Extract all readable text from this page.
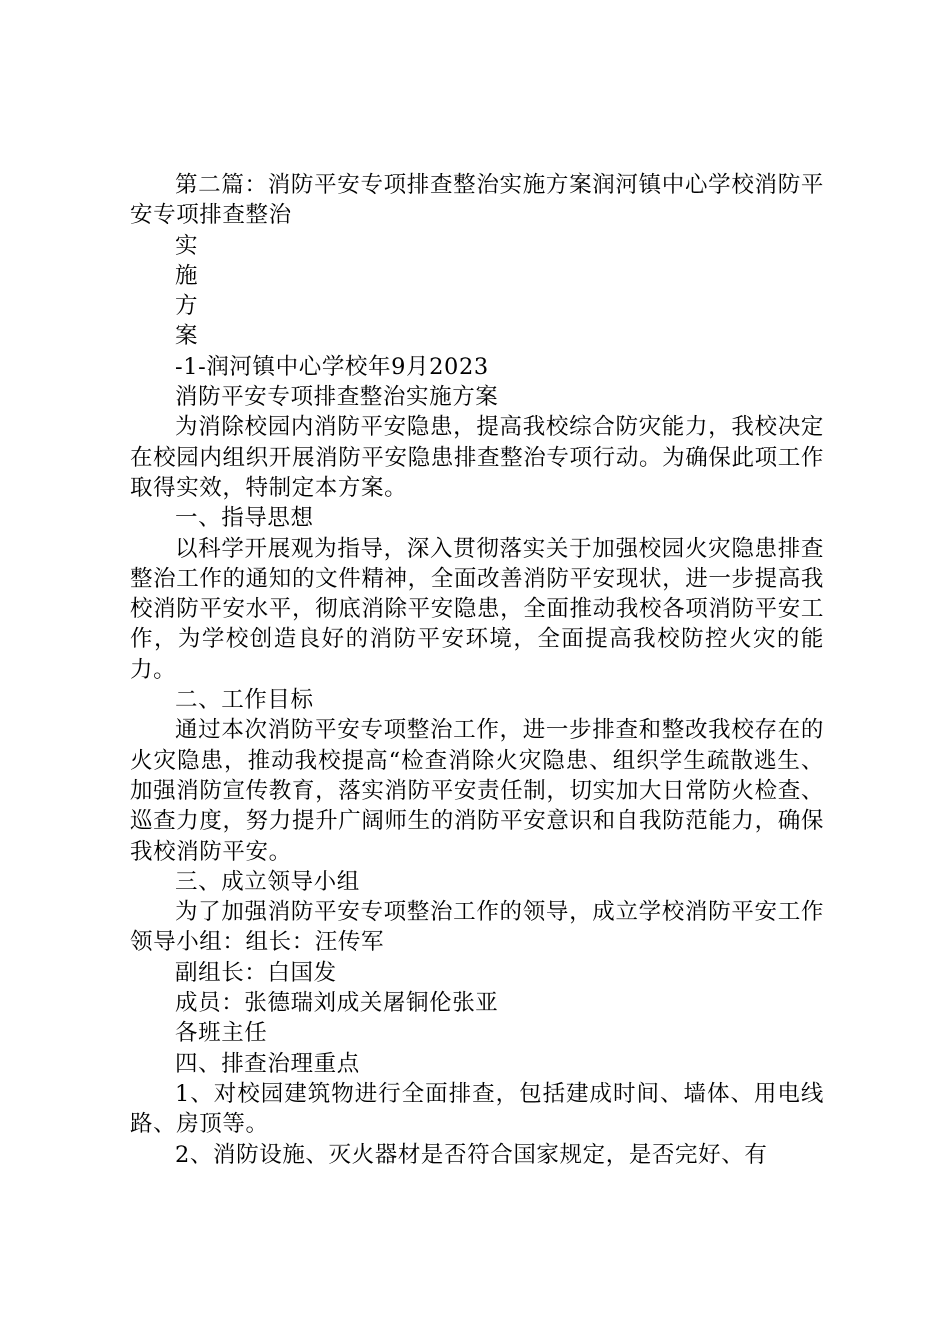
第二篇：消防平安专项排查整治实施方案润河镇中心学校消防平安专项排查整治

实

施

方

案

-1-润河镇中心学校年9月2023

消防平安专项排查整治实施方案

为消除校园内消防平安隐患，提高我校综合防灾能力，我校决定在校园内组织开展消防平安隐患排查整治专项行动。为确保此项工作取得实效，特制定本方案。

一、指导思想

以科学开展观为指导，深入贯彻落实关于加强校园火灾隐患排查整治工作的通知的文件精神，全面改善消防平安现状，进一步提高我校消防平安水平，彻底消除平安隐患，全面推动我校各项消防平安工作，为学校创造良好的消防平安环境，全面提高我校防控火灾的能力。

二、工作目标

通过本次消防平安专项整治工作，进一步排查和整改我校存在的火灾隐患，推动我校提高“检查消除火灾隐患、组织学生疏散逃生、加强消防宣传教育，落实消防平安责任制，切实加大日常防火检查、巡查力度，努力提升广阔师生的消防平安意识和自我防范能力，确保我校消防平安。

三、成立领导小组

为了加强消防平安专项整治工作的领导，成立学校消防平安工作领导小组：组长：汪传军

副组长：白国发

成员：张德瑞刘成关屠铜伦张亚

各班主任

四、排查治理重点

1、对校园建筑物进行全面排查，包括建成时间、墙体、用电线路、房顶等。

2、消防设施、灭火器材是否符合国家规定，是否完好、有
